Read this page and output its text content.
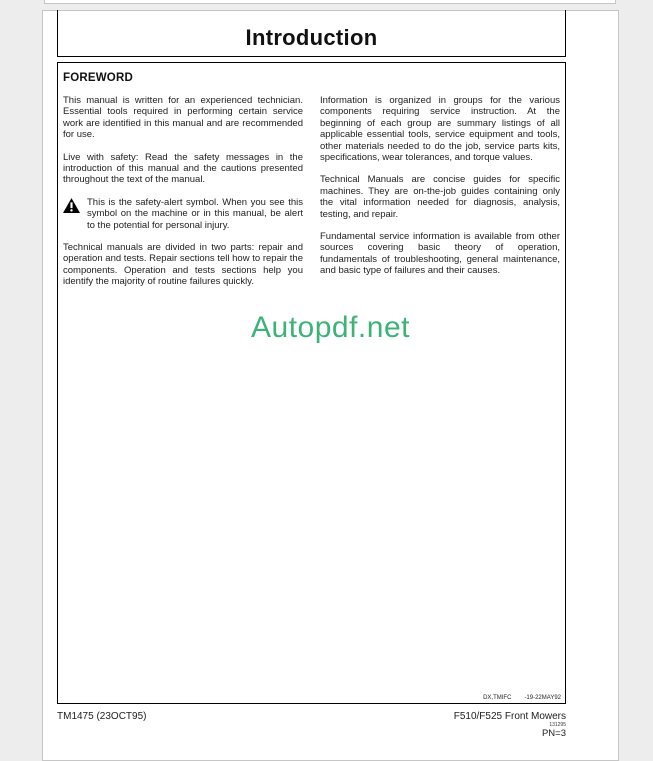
Introduction
FOREWORD

This manual is written for an experienced technician. Essential tools required in performing certain service work are identified in this manual and are recommended for use.

Live with safety: Read the safety messages in the introduction of this manual and the cautions presented throughout the text of the manual.

This is the safety-alert symbol. When you see this symbol on the machine or in this manual, be alert to the potential for personal injury.

Technical manuals are divided in two parts: repair and operation and tests. Repair sections tell how to repair the components. Operation and tests sections help you identify the majority of routine failures quickly.

Information is organized in groups for the various components requiring service instruction. At the beginning of each group are summary listings of all applicable essential tools, service equipment and tools, other materials needed to do the job, service parts kits, specifications, wear tolerances, and torque values.

Technical Manuals are concise guides for specific machines. They are on-the-job guides containing only the vital information needed for diagnosis, analysis, testing, and repair.

Fundamental service information is available from other sources covering basic theory of operation, fundamentals of troubleshooting, general maintenance, and basic type of failures and their causes.

DX,TMIFC -19-22MAY92
Autopdf.net
TM1475 (23OCT95)	F510/F525 Front Mowers
131295
PN=3
